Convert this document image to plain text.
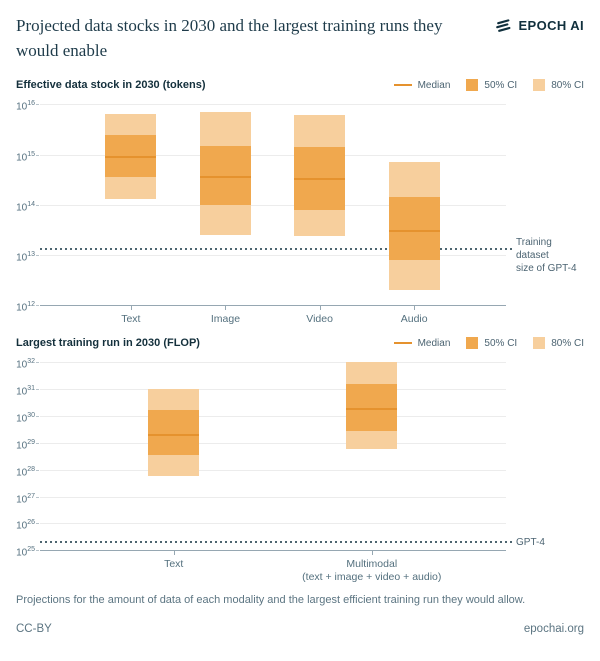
Projected data stocks in 2030 and the largest training runs they would enable
EPOCH AI
Effective data stock in 2030 (tokens)	Median	50% CI	80% CI
$10^{16}$
$10^{15}$
$10^{14}$
$10^{13}$
$10^{12}$
Training dataset
size of GPT-4
Text	Image	Video	Audio
Largest training run in 2030 (FLOP)	Median	50% CI	80% CI
$10^{32}$
$10^{31}$
$10^{30}$
$10^{29}$
$10^{28}$
$10^{27}$
$10^{26}$
$10^{25}$
GPT-4
Text	Multimodal
(text + image + video + audio)
Projections for the amount of data of each modality and the largest efficient training run they would allow.
CC-BY	epochai.org
